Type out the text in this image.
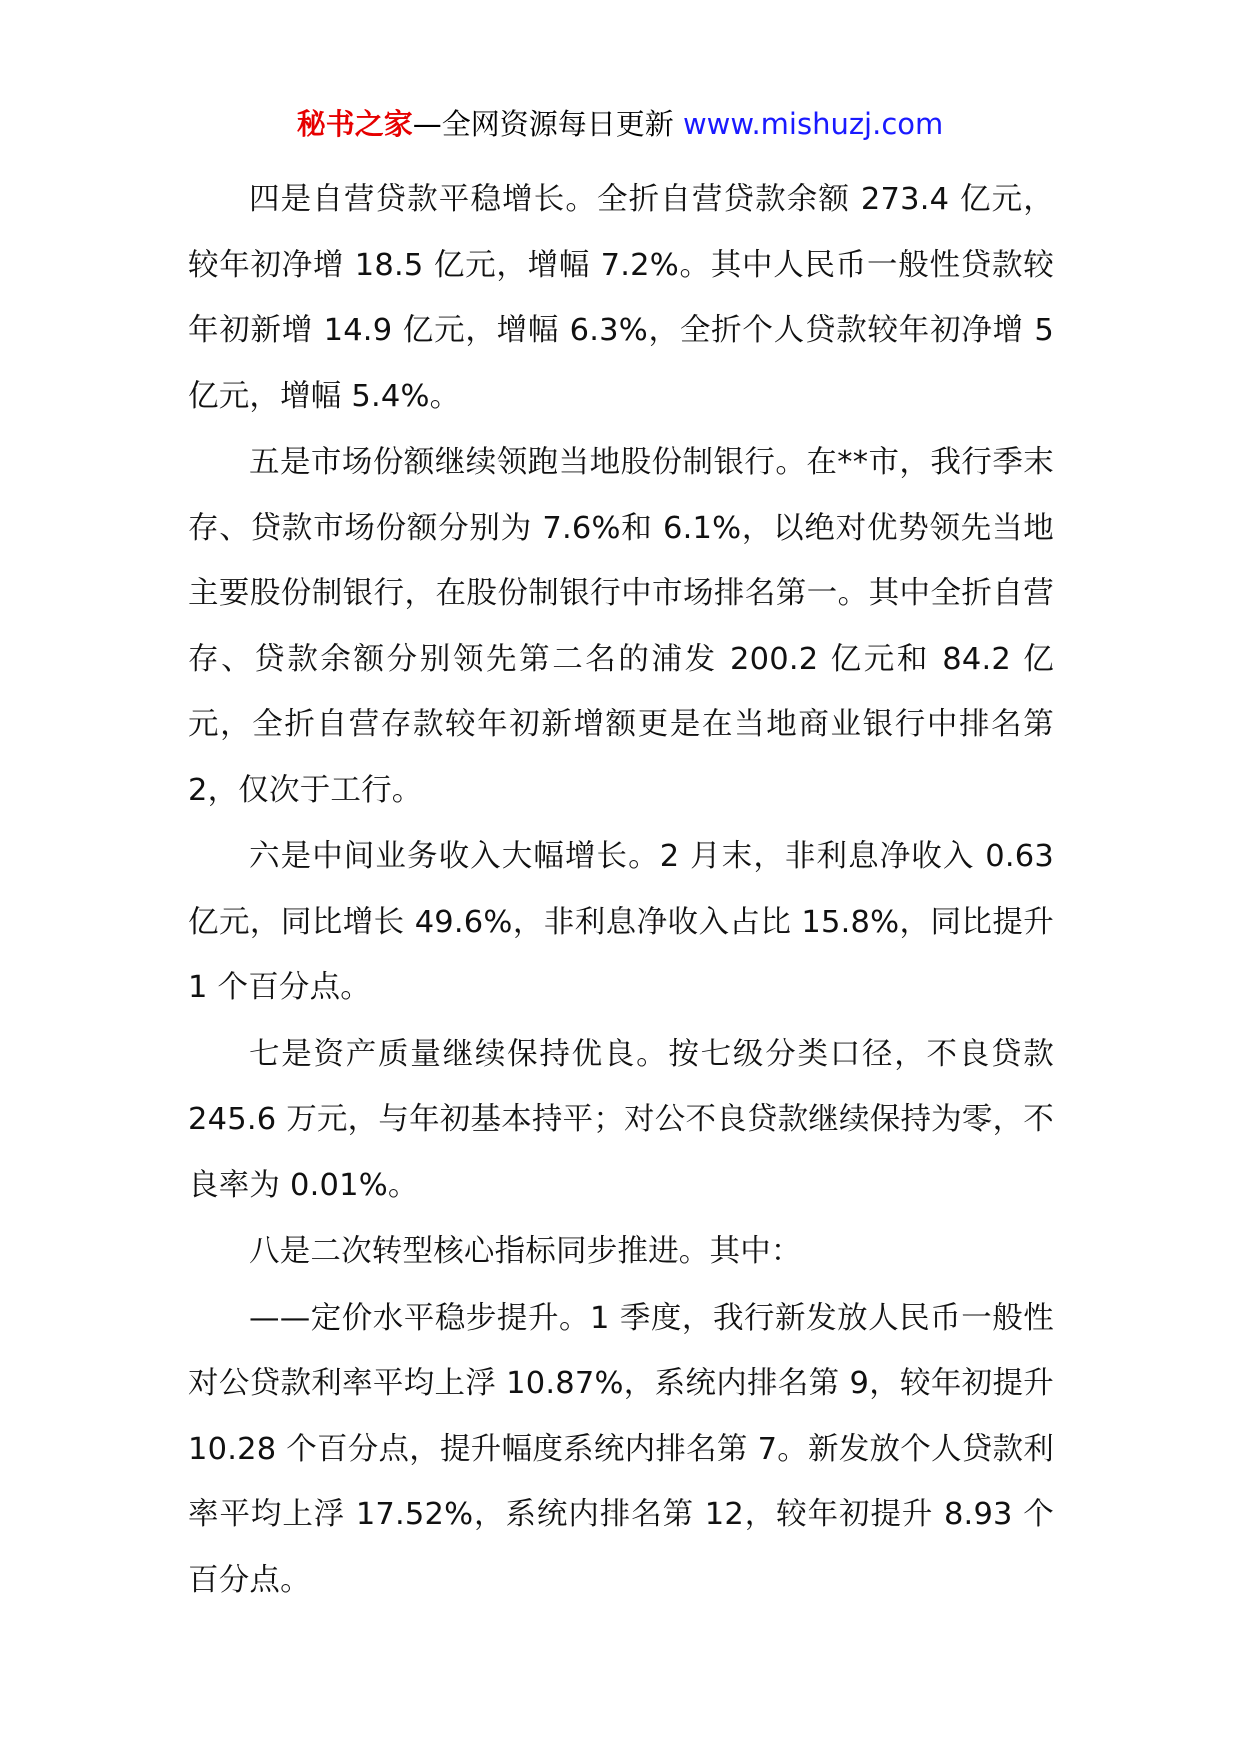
秘书之家—全网资源每日更新 www.mishuzj.com

四是自营贷款平稳增长。全折自营贷款余额 273.4 亿元，较年初净增 18.5 亿元，增幅 7.2%。其中人民币一般性贷款较年初新增 14.9 亿元，增幅 6.3%，全折个人贷款较年初净增 5 亿元，增幅 5.4%。

五是市场份额继续领跑当地股份制银行。在**市，我行季末存、贷款市场份额分别为 7.6%和 6.1%，以绝对优势领先当地主要股份制银行，在股份制银行中市场排名第一。其中全折自营存、贷款余额分别领先第二名的浦发 200.2 亿元和 84.2 亿元，全折自营存款较年初新增额更是在当地商业银行中排名第 2，仅次于工行。

六是中间业务收入大幅增长。2 月末，非利息净收入 0.63 亿元，同比增长 49.6%，非利息净收入占比 15.8%，同比提升 1 个百分点。

七是资产质量继续保持优良。按七级分类口径，不良贷款 245.6 万元，与年初基本持平；对公不良贷款继续保持为零，不良率为 0.01%。

八是二次转型核心指标同步推进。其中：

——定价水平稳步提升。1 季度，我行新发放人民币一般性对公贷款利率平均上浮 10.87%，系统内排名第 9，较年初提升 10.28 个百分点，提升幅度系统内排名第 7。新发放个人贷款利率平均上浮 17.52%，系统内排名第 12，较年初提升 8.93 个百分点。
